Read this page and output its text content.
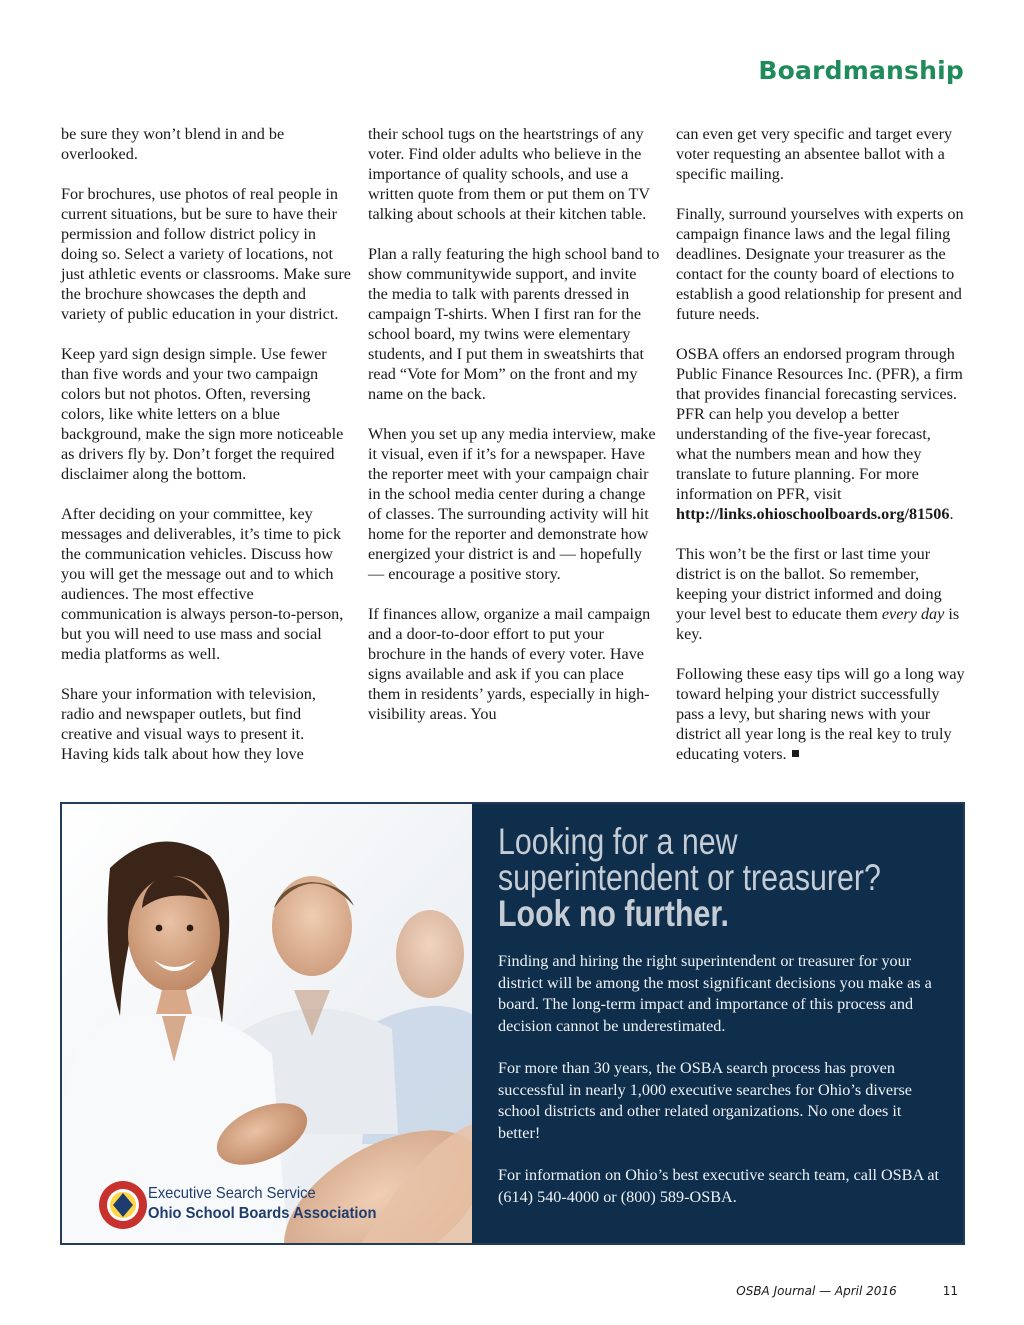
Boardmanship

be sure they won’t blend in and be overlooked.

For brochures, use photos of real people in current situations, but be sure to have their permission and follow district policy in doing so. Select a variety of locations, not just athletic events or classrooms. Make sure the brochure showcases the depth and variety of public education in your district.

Keep yard sign design simple. Use fewer than five words and your two campaign colors but not photos. Often, reversing colors, like white letters on a blue background, make the sign more noticeable as drivers fly by. Don’t forget the required disclaimer along the bottom.

After deciding on your committee, key messages and deliverables, it’s time to pick the communication vehicles. Discuss how you will get the message out and to which audiences. The most effective communication is always person-to-person, but you will need to use mass and social media platforms as well.

Share your information with television, radio and newspaper outlets, but find creative and visual ways to present it. Having kids talk about how they love

their school tugs on the heartstrings of any voter. Find older adults who believe in the importance of quality schools, and use a written quote from them or put them on TV talking about schools at their kitchen table.

Plan a rally featuring the high school band to show communitywide support, and invite the media to talk with parents dressed in campaign T-shirts. When I first ran for the school board, my twins were elementary students, and I put them in sweatshirts that read “Vote for Mom” on the front and my name on the back.

When you set up any media interview, make it visual, even if it’s for a newspaper. Have the reporter meet with your campaign chair in the school media center during a change of classes. The surrounding activity will hit home for the reporter and demonstrate how energized your district is and — hopefully — encourage a positive story.

If finances allow, organize a mail campaign and a door-to-door effort to put your brochure in the hands of every voter. Have signs available and ask if you can place them in residents’ yards, especially in high-visibility areas. You

can even get very specific and target every voter requesting an absentee ballot with a specific mailing.

Finally, surround yourselves with experts on campaign finance laws and the legal filing deadlines. Designate your treasurer as the contact for the county board of elections to establish a good relationship for present and future needs.

OSBA offers an endorsed program through Public Finance Resources Inc. (PFR), a firm that provides financial forecasting services. PFR can help you develop a better understanding of the five-year forecast, what the numbers mean and how they translate to future planning. For more information on PFR, visit http://links.ohioschoolboards.org/81506.

This won’t be the first or last time your district is on the ballot. So remember, keeping your district informed and doing your level best to educate them every day is key.

Following these easy tips will go a long way toward helping your district successfully pass a levy, but sharing news with your district all year long is the real key to truly educating voters.

Executive Search Service
Ohio School Boards Association
Looking for a new
superintendent or treasurer?
Look no further.

Finding and hiring the right superintendent or treasurer for your district will be among the most significant decisions you make as a board. The long-term impact and importance of this process and decision cannot be underestimated.

For more than 30 years, the OSBA search process has proven successful in nearly 1,000 executive searches for Ohio’s diverse school districts and other related organizations. No one does it better!

For information on Ohio’s best executive search team, call OSBA at (614) 540-4000 or (800) 589-OSBA.

OSBA Journal — April 2016	11
